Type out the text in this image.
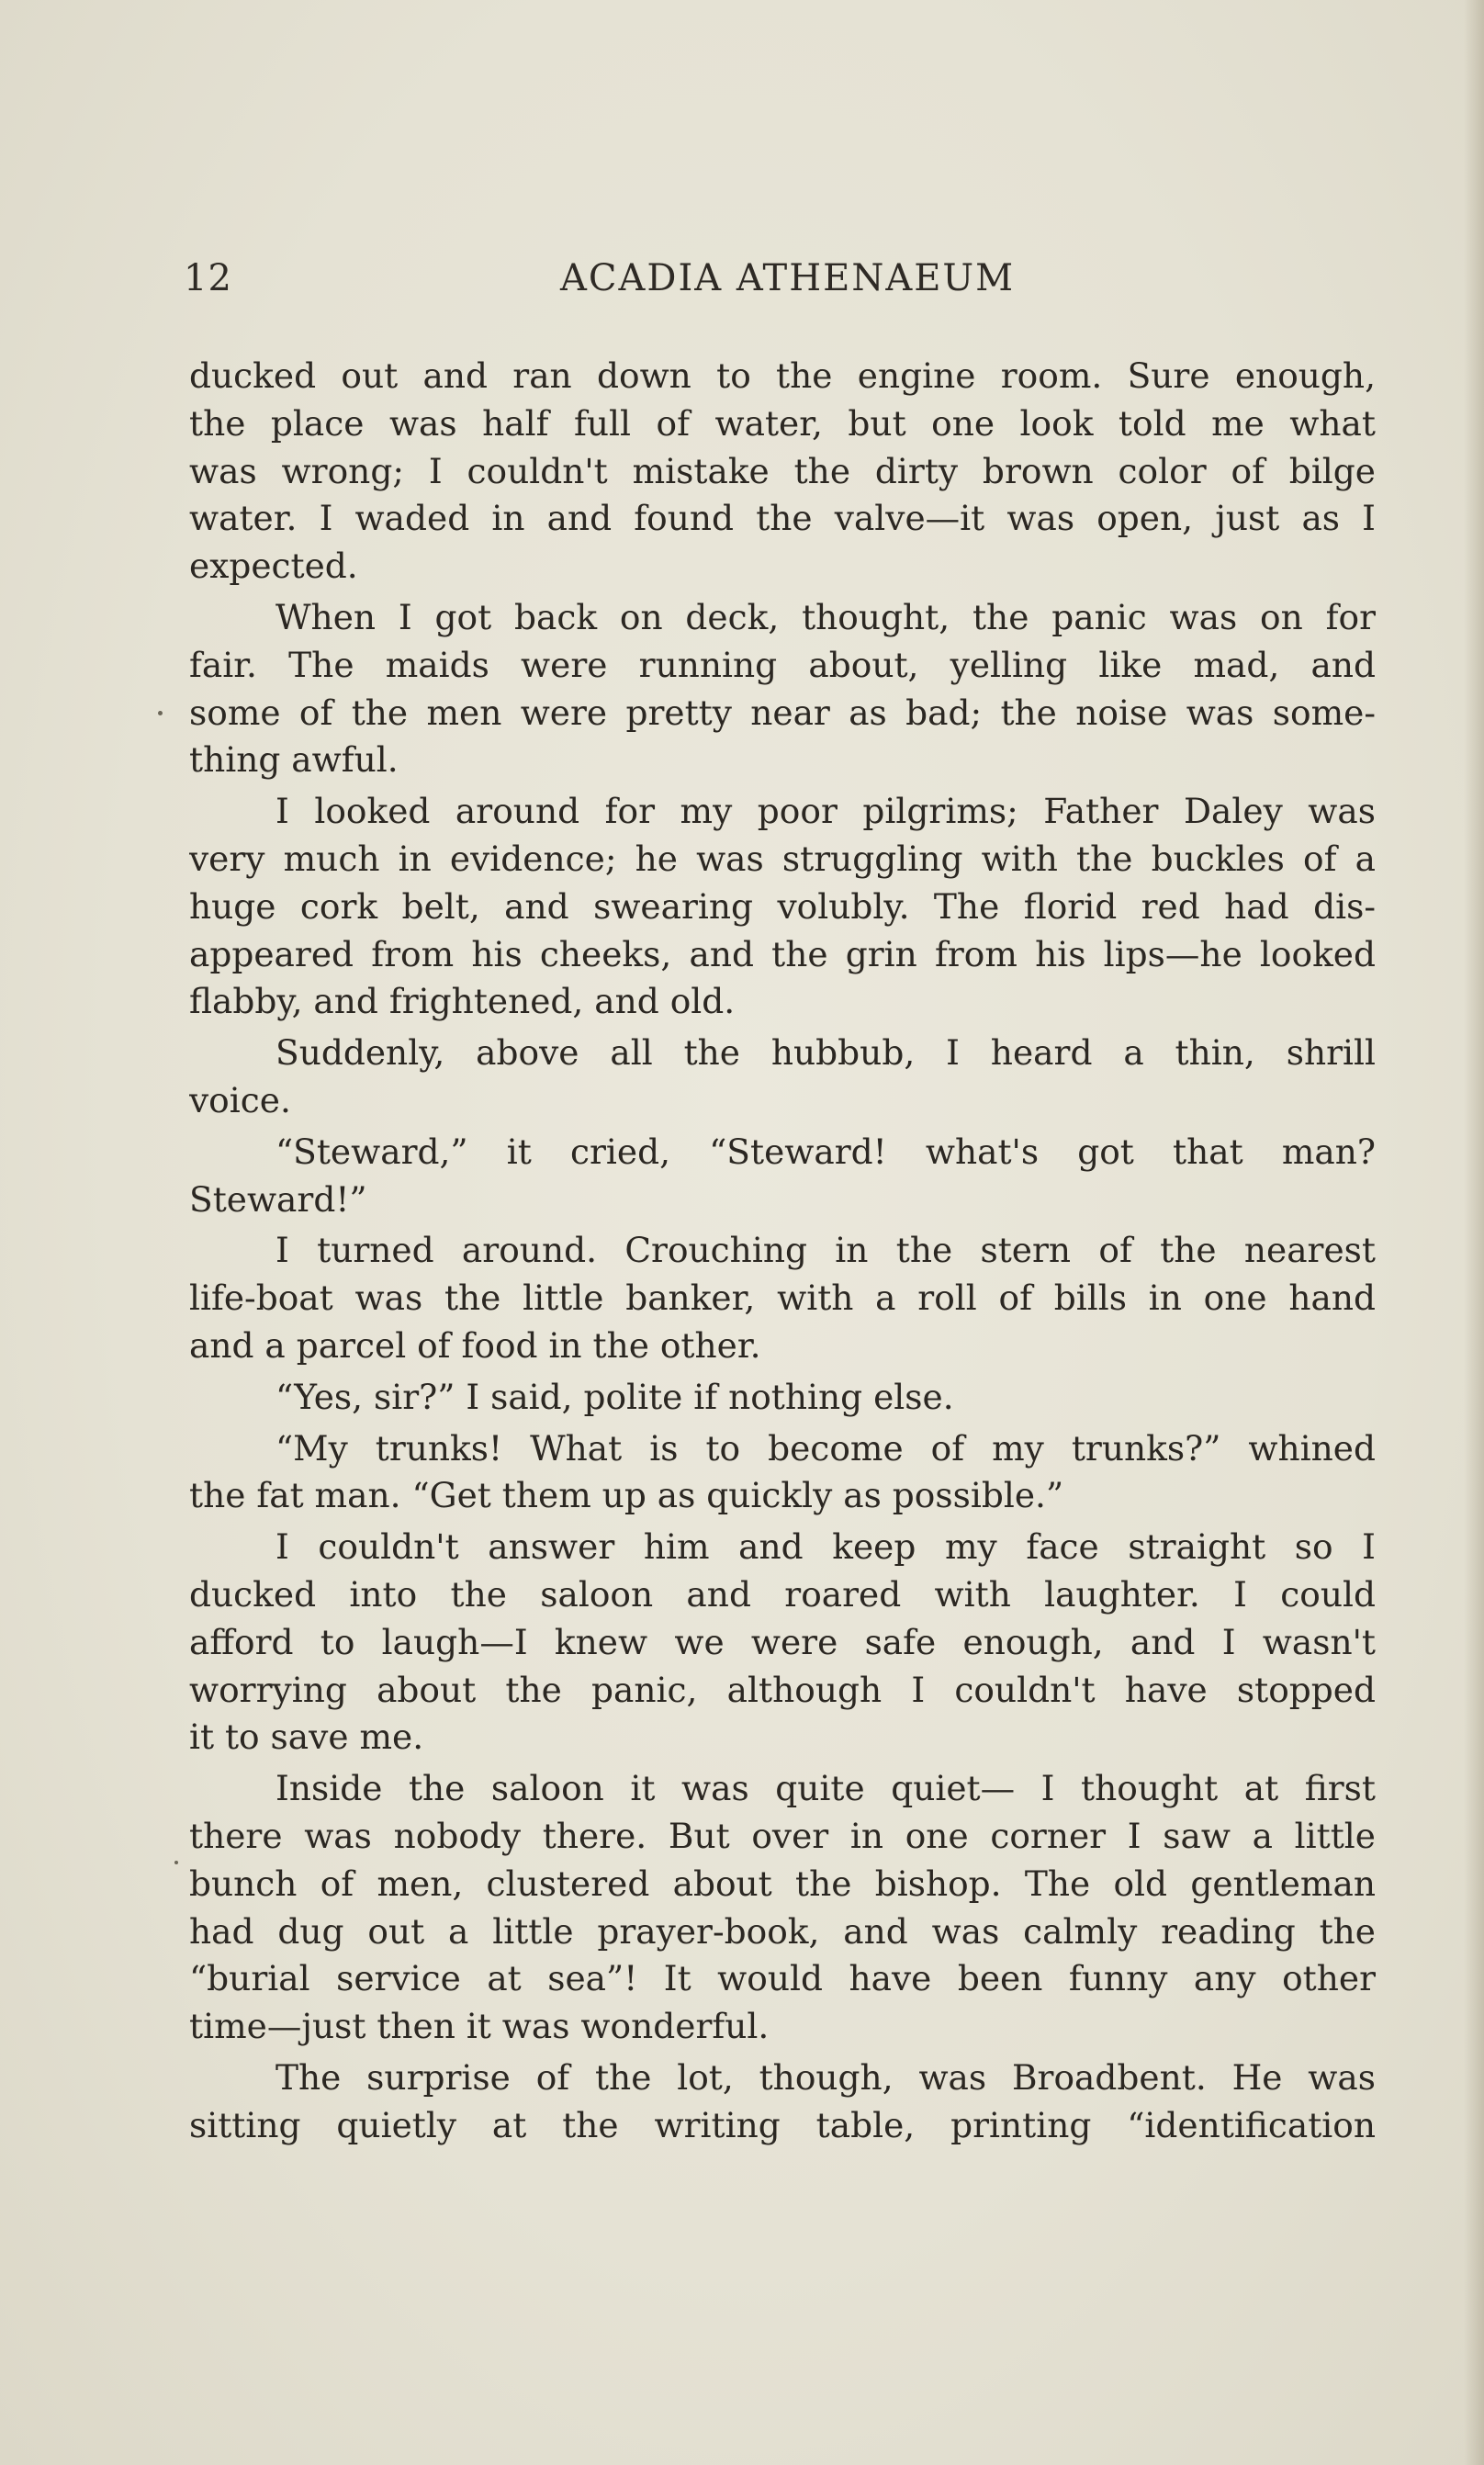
12	ACADIA ATHENAEUM
ducked out and ran down to the engine room. Sure enough,
the place was half full of water, but one look told me what
was wrong; I couldn't mistake the dirty brown color of bilge
water. I waded in and found the valve—it was open, just as I
expected.
When I got back on deck, thought, the panic was on for
fair. The maids were running about, yelling like mad, and
some of the men were pretty near as bad; the noise was some-
thing awful.
I looked around for my poor pilgrims; Father Daley was
very much in evidence; he was struggling with the buckles of a
huge cork belt, and swearing volubly. The florid red had dis-
appeared from his cheeks, and the grin from his lips—he looked
flabby, and frightened, and old.
Suddenly, above all the hubbub, I heard a thin, shrill
voice.
“Steward,” it cried, “Steward! what's got that man?
Steward!”
I turned around. Crouching in the stern of the nearest
life-boat was the little banker, with a roll of bills in one hand
and a parcel of food in the other.
“Yes, sir?” I said, polite if nothing else.
“My trunks! What is to become of my trunks?” whined
the fat man. “Get them up as quickly as possible.”
I couldn't answer him and keep my face straight so I
ducked into the saloon and roared with laughter. I could
afford to laugh—I knew we were safe enough, and I wasn't
worrying about the panic, although I couldn't have stopped
it to save me.
Inside the saloon it was quite quiet— I thought at first
there was nobody there. But over in one corner I saw a little
bunch of men, clustered about the bishop. The old gentleman
had dug out a little prayer-book, and was calmly reading the
“burial service at sea”! It would have been funny any other
time—just then it was wonderful.
The surprise of the lot, though, was Broadbent. He was
sitting quietly at the writing table, printing “identification
